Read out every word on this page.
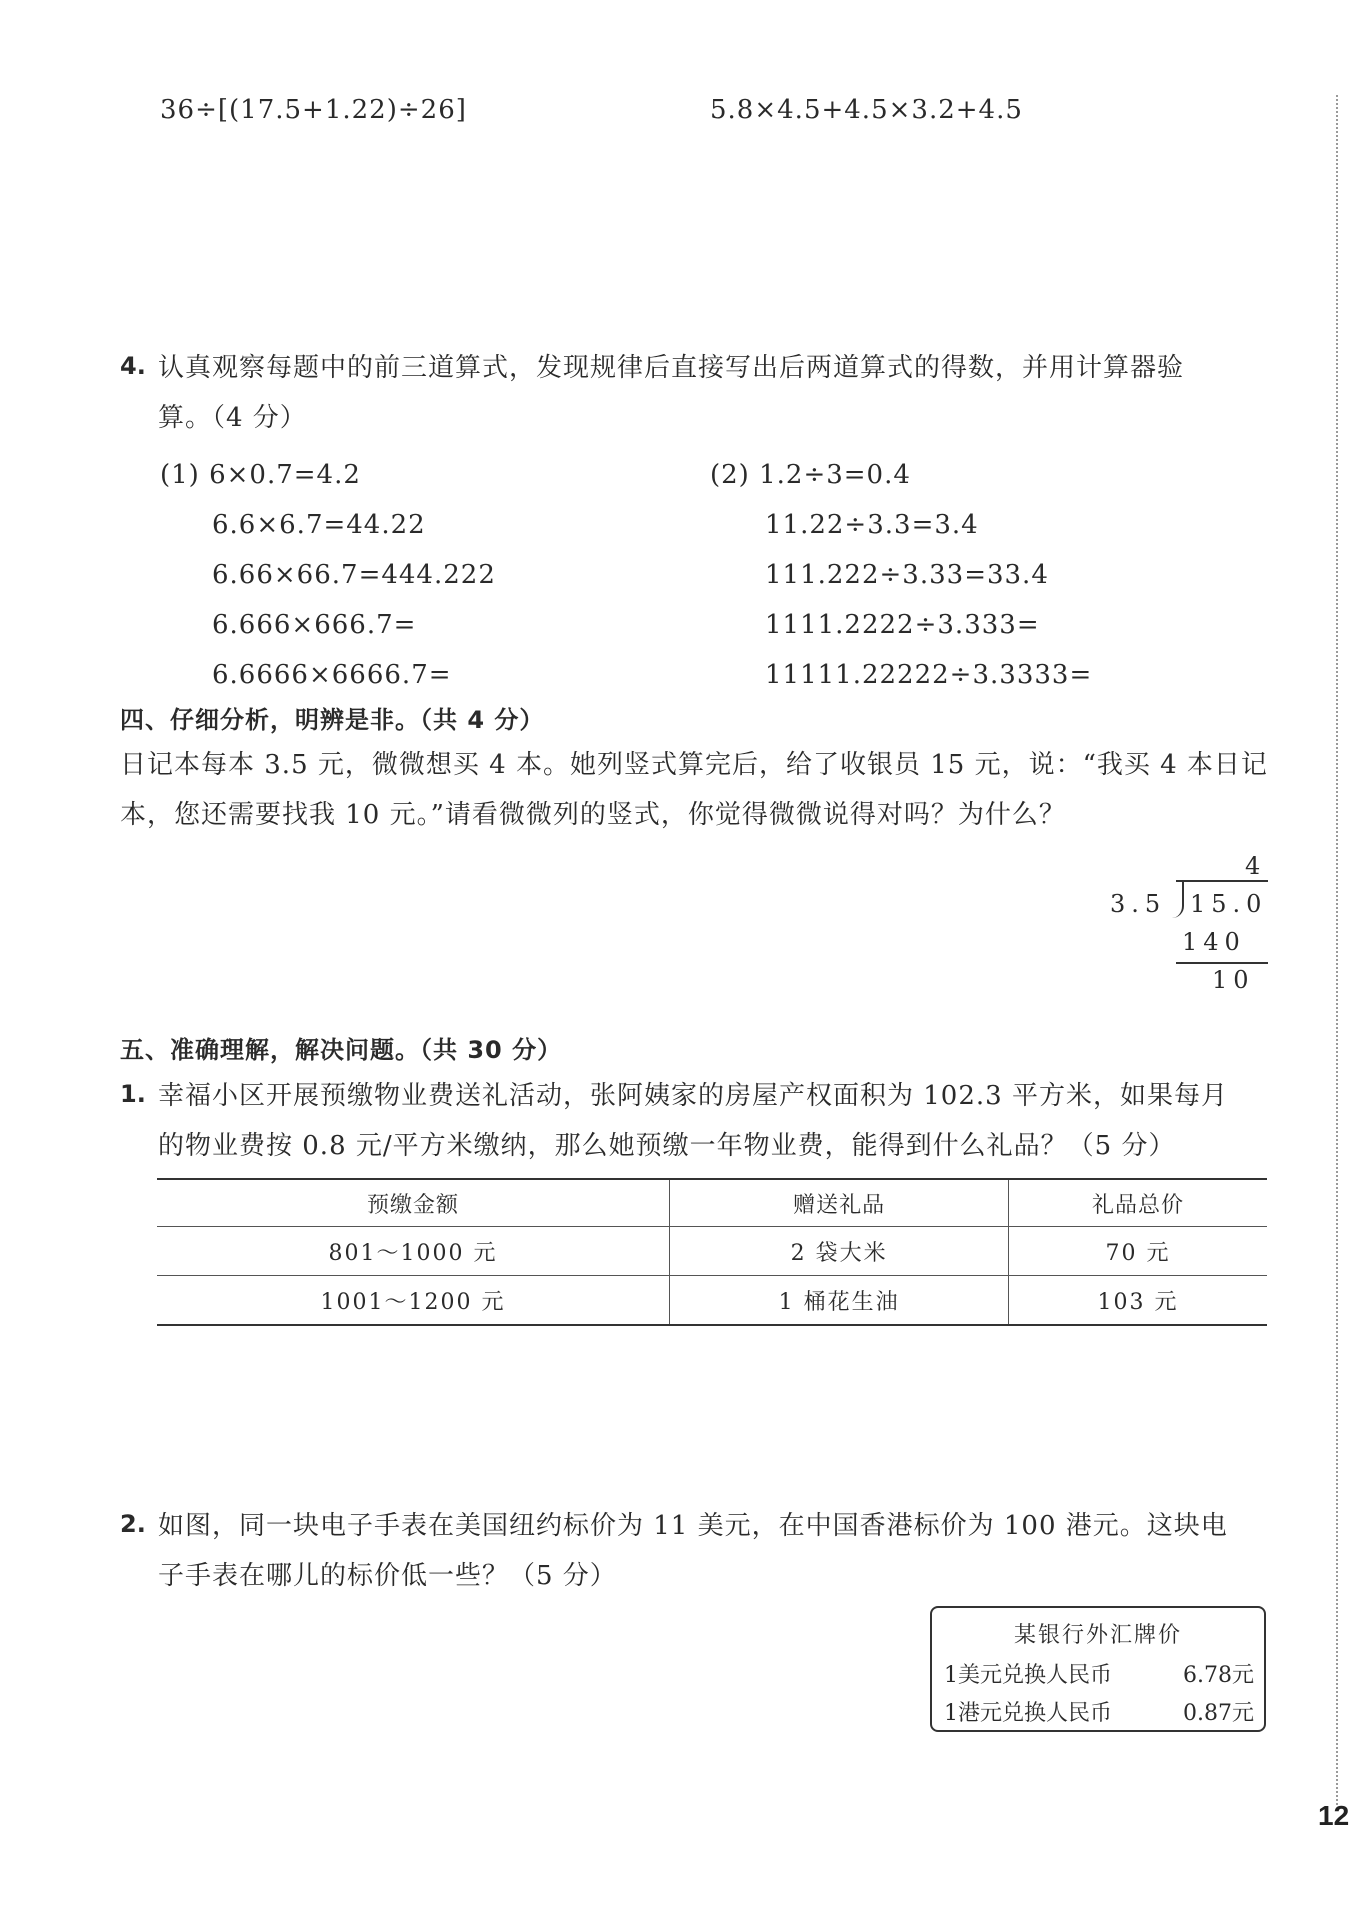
36÷[(17.5+1.22)÷26]	5.8×4.5+4.5×3.2+4.5
4. 认真观察每题中的前三道算式，发现规律后直接写出后两道算式的得数，并用计算器验
算。（4 分）
(1) 6×0.7=4.2
6.6×6.7=44.22
6.66×66.7=444.222
6.666×666.7=
6.6666×6666.7=
(2) 1.2÷3=0.4
11.22÷3.3=3.4
111.222÷3.33=33.4
1111.2222÷3.333=
11111.22222÷3.3333=
四、仔细分析，明辨是非。（共 4 分）
日记本每本 3.5 元，微微想买 4 本。她列竖式算完后，给了收银员 15 元，说：“我买 4 本日记
本，您还需要找我 10 元。”请看微微列的竖式，你觉得微微说得对吗？为什么？
4
3.5 15.0
140
10
五、准确理解，解决问题。（共 30 分）
1. 幸福小区开展预缴物业费送礼活动，张阿姨家的房屋产权面积为 102.3 平方米，如果每月
的物业费按 0.8 元/平方米缴纳，那么她预缴一年物业费，能得到什么礼品？（5 分）
预缴金额	赠送礼品	礼品总价
801～1000 元	2 袋大米	70 元
1001～1200 元	1 桶花生油	103 元
2. 如图，同一块电子手表在美国纽约标价为 11 美元，在中国香港标价为 100 港元。这块电
子手表在哪儿的标价低一些？（5 分）
某银行外汇牌价
1美元兑换人民币	6.78元
1港元兑换人民币	0.87元
12
